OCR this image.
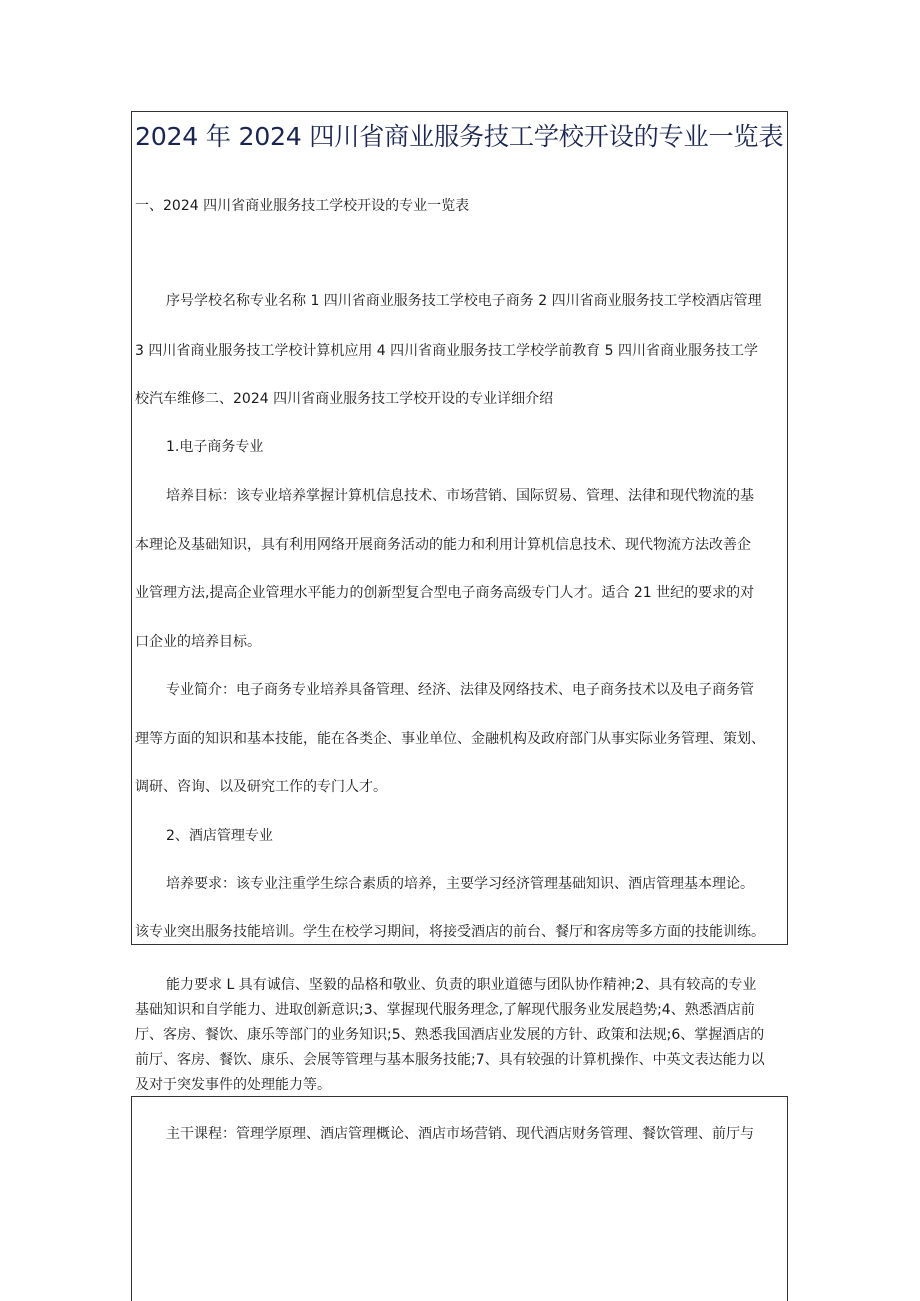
2024 年 2024 四川省商业服务技工学校开设的专业一览表
一、2024 四川省商业服务技工学校开设的专业一览表
序号学校名称专业名称 1 四川省商业服务技工学校电子商务 2 四川省商业服务技工学校酒店管理
3 四川省商业服务技工学校计算机应用 4 四川省商业服务技工学校学前教育 5 四川省商业服务技工学
校汽车维修二、2024 四川省商业服务技工学校开设的专业详细介绍
1.电子商务专业
培养目标：该专业培养掌握计算机信息技术、市场营销、国际贸易、管理、法律和现代物流的基
本理论及基础知识，具有利用网络开展商务活动的能力和利用计算机信息技术、现代物流方法改善企
业管理方法,提高企业管理水平能力的创新型复合型电子商务高级专门人才。适合 21 世纪的要求的对
口企业的培养目标。
专业简介：电子商务专业培养具备管理、经济、法律及网络技术、电子商务技术以及电子商务管
理等方面的知识和基本技能，能在各类企、事业单位、金融机构及政府部门从事实际业务管理、策划、
调研、咨询、以及研究工作的专门人才。
2、酒店管理专业
培养要求：该专业注重学生综合素质的培养，主要学习经济管理基础知识、酒店管理基本理论。
该专业突出服务技能培训。学生在校学习期间，将接受酒店的前台、餐厅和客房等多方面的技能训练。
能力要求 L 具有诚信、坚毅的品格和敬业、负责的职业道德与团队协作精神;2、具有较高的专业
基础知识和自学能力、进取创新意识;3、掌握现代服务理念,了解现代服务业发展趋势;4、熟悉酒店前
厅、客房、餐饮、康乐等部门的业务知识;5、熟悉我国酒店业发展的方针、政策和法规;6、掌握酒店的
前厅、客房、餐饮、康乐、会展等管理与基本服务技能;7、具有较强的计算机操作、中英文表达能力以
及对于突发事件的处理能力等。
主干课程：管理学原理、酒店管理概论、酒店市场营销、现代酒店财务管理、餐饮管理、前厅与
